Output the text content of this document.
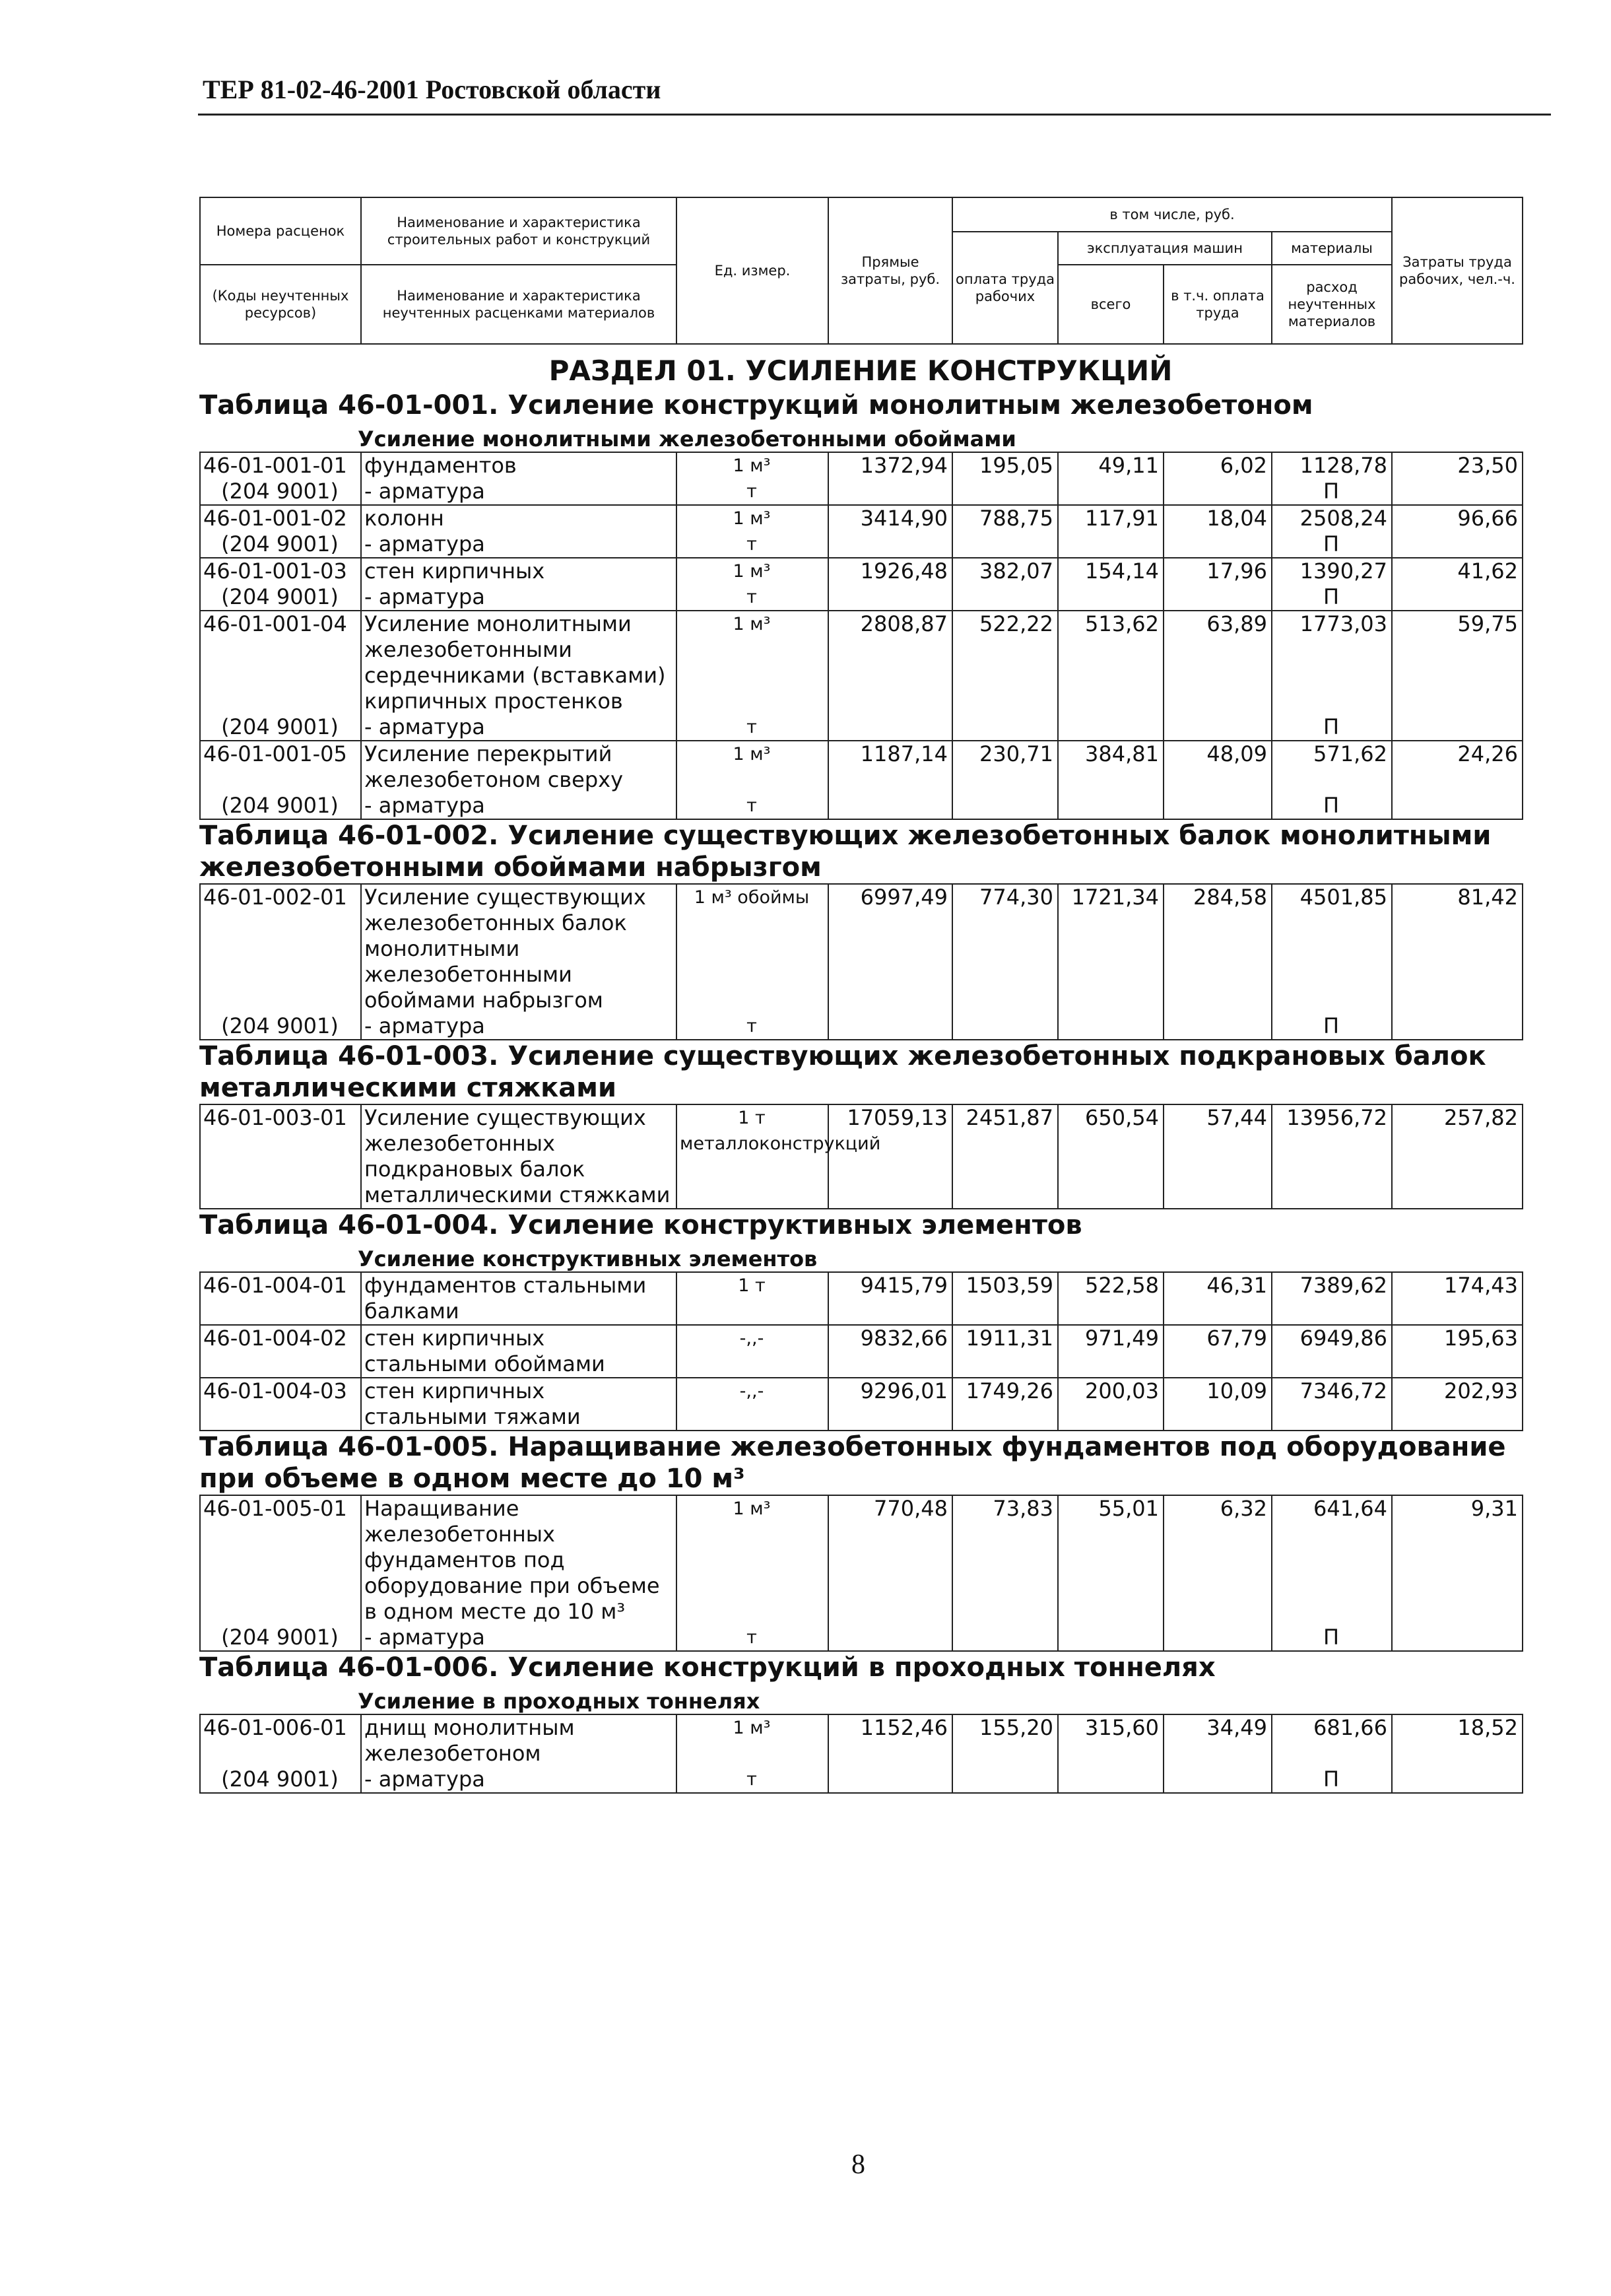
ТЕР 81-02-46-2001 Ростовской области
Номера расценок	Наименование и характеристика строительных работ и конструкций	Ед. измер.	Прямые затраты, руб.	в том числе, руб.				Затраты труда рабочих, чел.-ч.
				оплата труда рабочих	эксплуатация машин		материалы	
(Коды неучтенных ресурсов)	Наименование и характеристика неучтенных расценками материалов				всего	в т.ч. оплата труда	расход неучтенных материалов	

РАЗДЕЛ 01. УСИЛЕНИЕ КОНСТРУКЦИЙ
Таблица 46-01-001. Усиление конструкций монолитным железобетоном
Усиление монолитными железобетонными обоймами
46-01-001-01	фундаментов	1 м³	1372,94	195,05	49,11	6,02	1128,78	23,50
(204 9001)	- арматура	т					П	
46-01-001-02	колонн	1 м³	3414,90	788,75	117,91	18,04	2508,24	96,66
(204 9001)	- арматура	т					П	
46-01-001-03	стен кирпичных	1 м³	1926,48	382,07	154,14	17,96	1390,27	41,62
(204 9001)	- арматура	т					П	
46-01-001-04	Усиление монолитными железобетонными сердечниками (вставками) кирпичных простенков	1 м³	2808,87	522,22	513,62	63,89	1773,03	59,75
(204 9001)	- арматура	т					П	
46-01-001-05	Усиление перекрытий железобетоном сверху	1 м³	1187,14	230,71	384,81	48,09	571,62	24,26
(204 9001)	- арматура	т					П	
Таблица 46-01-002. Усиление существующих железобетонных балок монолитными железобетонными обоймами набрызгом
46-01-002-01	Усиление существующих железобетонных балок монолитными железобетонными обоймами набрызгом	1 м³ обоймы	6997,49	774,30	1721,34	284,58	4501,85	81,42
(204 9001)	- арматура	т					П	
Таблица 46-01-003. Усиление существующих железобетонных подкрановых балок металлическими стяжками
46-01-003-01	Усиление существующих железобетонных подкрановых балок металлическими стяжками	1 т металлоконструкций	17059,13	2451,87	650,54	57,44	13956,72	257,82
Таблица 46-01-004. Усиление конструктивных элементов
Усиление конструктивных элементов
46-01-004-01	фундаментов стальными балками	1 т	9415,79	1503,59	522,58	46,31	7389,62	174,43
46-01-004-02	стен кирпичных стальными обоймами	-,,-	9832,66	1911,31	971,49	67,79	6949,86	195,63
46-01-004-03	стен кирпичных стальными тяжами	-,,-	9296,01	1749,26	200,03	10,09	7346,72	202,93
Таблица 46-01-005. Наращивание железобетонных фундаментов под оборудование при объеме в одном месте до 10 м³
46-01-005-01	Наращивание железобетонных фундаментов под оборудование при объеме в одном месте до 10 м³	1 м³	770,48	73,83	55,01	6,32	641,64	9,31
(204 9001)	- арматура	т					П	
Таблица 46-01-006. Усиление конструкций в проходных тоннелях
Усиление в проходных тоннелях
46-01-006-01	днищ монолитным железобетоном	1 м³	1152,46	155,20	315,60	34,49	681,66	18,52
(204 9001)	- арматура	т					П	
8
